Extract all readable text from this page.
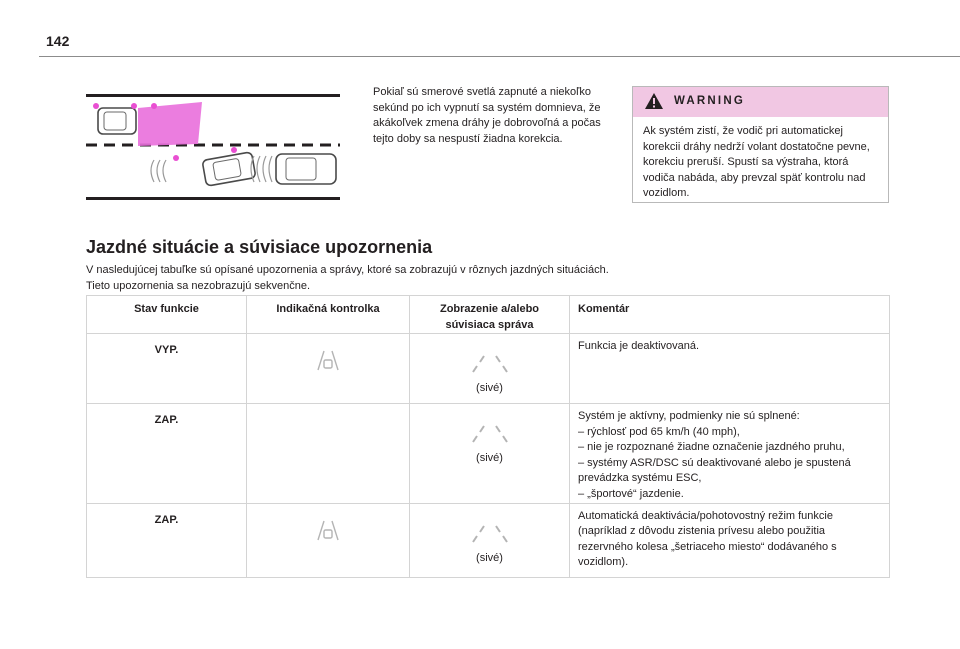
142
Pokiaľ sú smerové svetlá zapnuté a niekoľko sekúnd po ich vypnutí sa systém domnieva, že akákoľvek zmena dráhy je dobrovoľná a počas tejto doby sa nespustí žiadna korekcia.
WARNING
Ak systém zistí, že vodič pri automatickej korekcii dráhy nedrží volant dostatočne pevne, korekciu preruší. Spustí sa výstraha, ktorá vodiča nabáda, aby prevzal späť kontrolu nad vozidlom.
Jazdné situácie a súvisiace upozornenia
V nasledujúcej tabuľke sú opísané upozornenia a správy, ktoré sa zobrazujú v rôznych jazdných situáciách.
Tieto upozornenia sa nezobrazujú sekvenčne.
Stav funkcie	Indikačná kontrolka	Zobrazenie a/alebo
súvisiaca správa	Komentár
VYP.		(sivé)	Funkcia je deaktivovaná.

ZAP.		(sivé)	Systém je aktívny, podmienky nie sú splnené:
– rýchlosť pod 65 km/h (40 mph),
– nie je rozpoznané žiadne označenie jazdného pruhu,
– systémy ASR/DSC sú deaktivované alebo je spustená prevádzka systému ESC,
– „športové“ jazdenie.

ZAP.		(sivé)	Automatická deaktivácia/pohotovostný režim funkcie (napríklad z dôvodu zistenia prívesu alebo použitia rezervného kolesa „šetriaceho miesto“ dodávaného s vozidlom).
